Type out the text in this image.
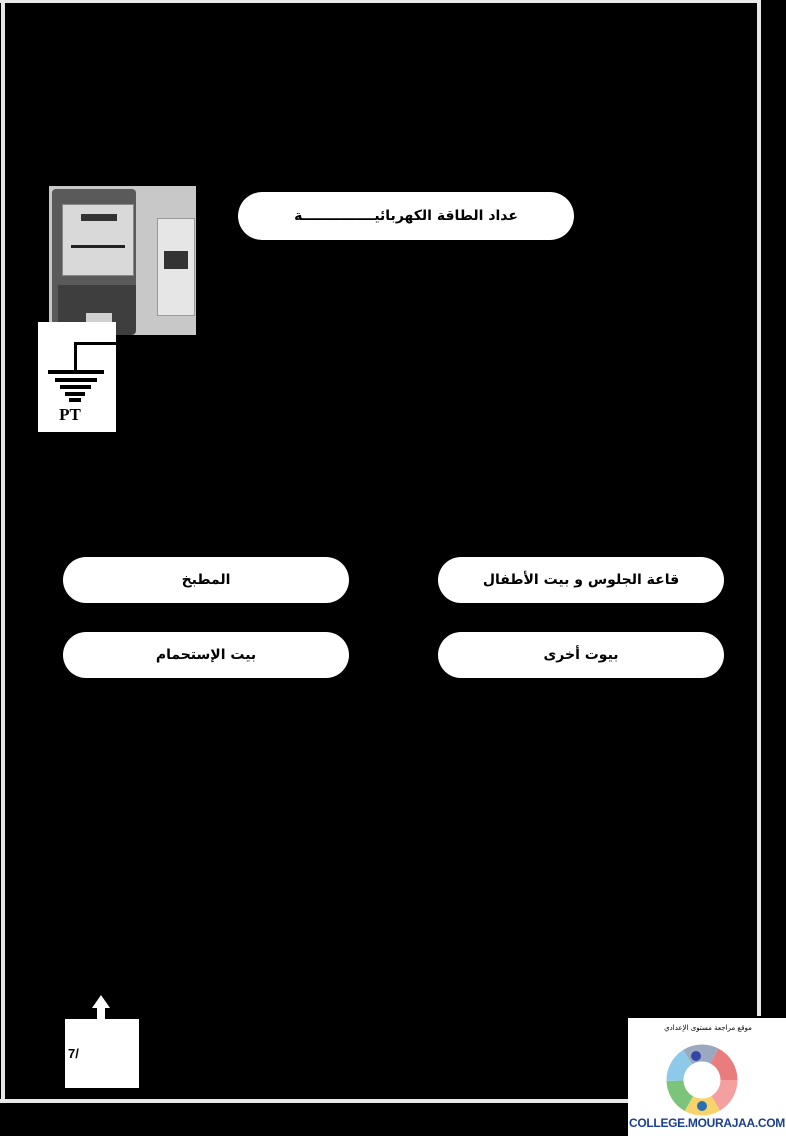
PT
عداد الطاقة الكهربائيـــــــــــــــة
قاعة الجلوس و بيت الأطفال
المطبخ
بيوت أخرى
بيت الإستحمام
7/
موقع مراجعة مستوى الإعدادي
COLLEGE.MOURAJAA.COM
